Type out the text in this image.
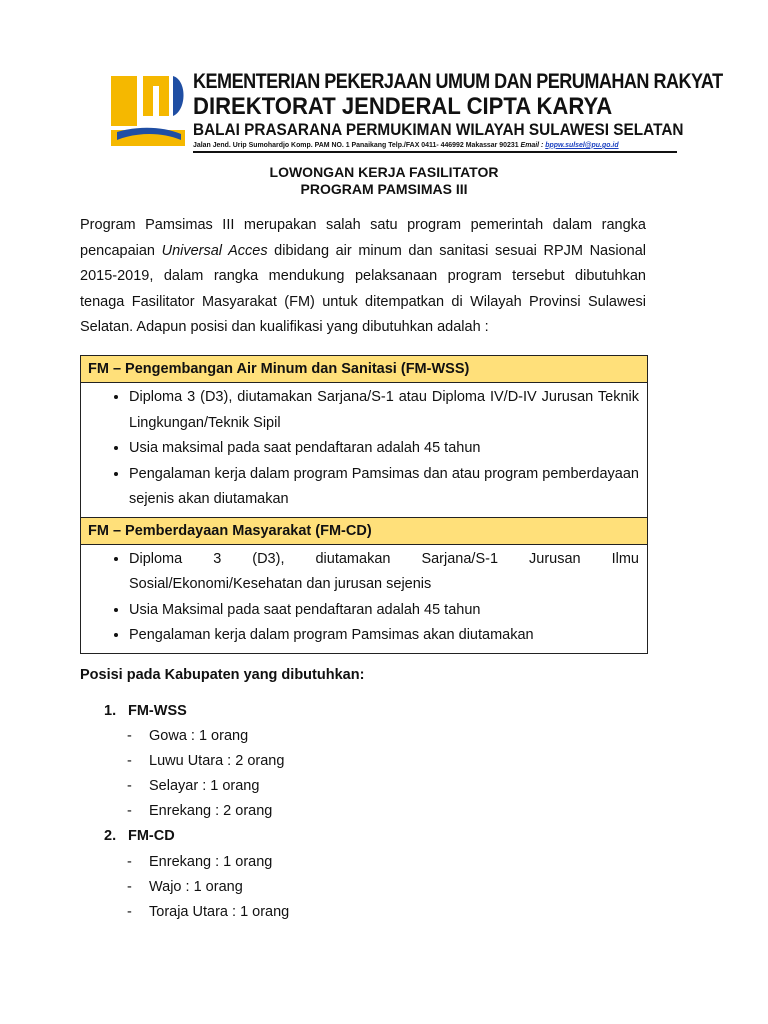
KEMENTERIAN PEKERJAAN UMUM DAN PERUMAHAN RAKYAT
DIREKTORAT JENDERAL CIPTA KARYA
BALAI PRASARANA PERMUKIMAN WILAYAH SULAWESI SELATAN
Jalan Jend. Urip Sumohardjo Komp. PAM NO. 1 Panaikang Telp./FAX 0411- 446992 Makassar 90231 Email : bppw.sulsel@pu.go.id
LOWONGAN KERJA FASILITATOR
PROGRAM PAMSIMAS III

Program Pamsimas III merupakan salah satu program pemerintah dalam rangka pencapaian Universal Acces dibidang air minum dan sanitasi sesuai RPJM Nasional 2015-2019, dalam rangka mendukung pelaksanaan program tersebut dibutuhkan tenaga Fasilitator Masyarakat (FM) untuk ditempatkan di Wilayah Provinsi Sulawesi Selatan. Adapun posisi dan kualifikasi yang dibutuhkan adalah :

FM – Pengembangan Air Minum dan Sanitasi (FM-WSS)

• Diploma 3 (D3), diutamakan Sarjana/S-1 atau Diploma IV/D-IV Jurusan Teknik Lingkungan/Teknik Sipil
• Usia maksimal pada saat pendaftaran adalah 45 tahun
• Pengalaman kerja dalam program Pamsimas dan atau program pemberdayaan sejenis akan diutamakan

FM – Pemberdayaan Masyarakat (FM-CD)

• Diploma 3 (D3), diutamakan Sarjana/S-1 Jurusan Ilmu Sosial/Ekonomi/Kesehatan dan jurusan sejenis
• Usia Maksimal pada saat pendaftaran adalah 45 tahun
• Pengalaman kerja dalam program Pamsimas akan diutamakan
Posisi pada Kabupaten yang dibutuhkan:
1. FM-WSS
- Gowa : 1 orang
- Luwu Utara : 2 orang
- Selayar : 1 orang
- Enrekang : 2 orang
2. FM-CD
- Enrekang : 1 orang
- Wajo : 1 orang
- Toraja Utara : 1 orang
